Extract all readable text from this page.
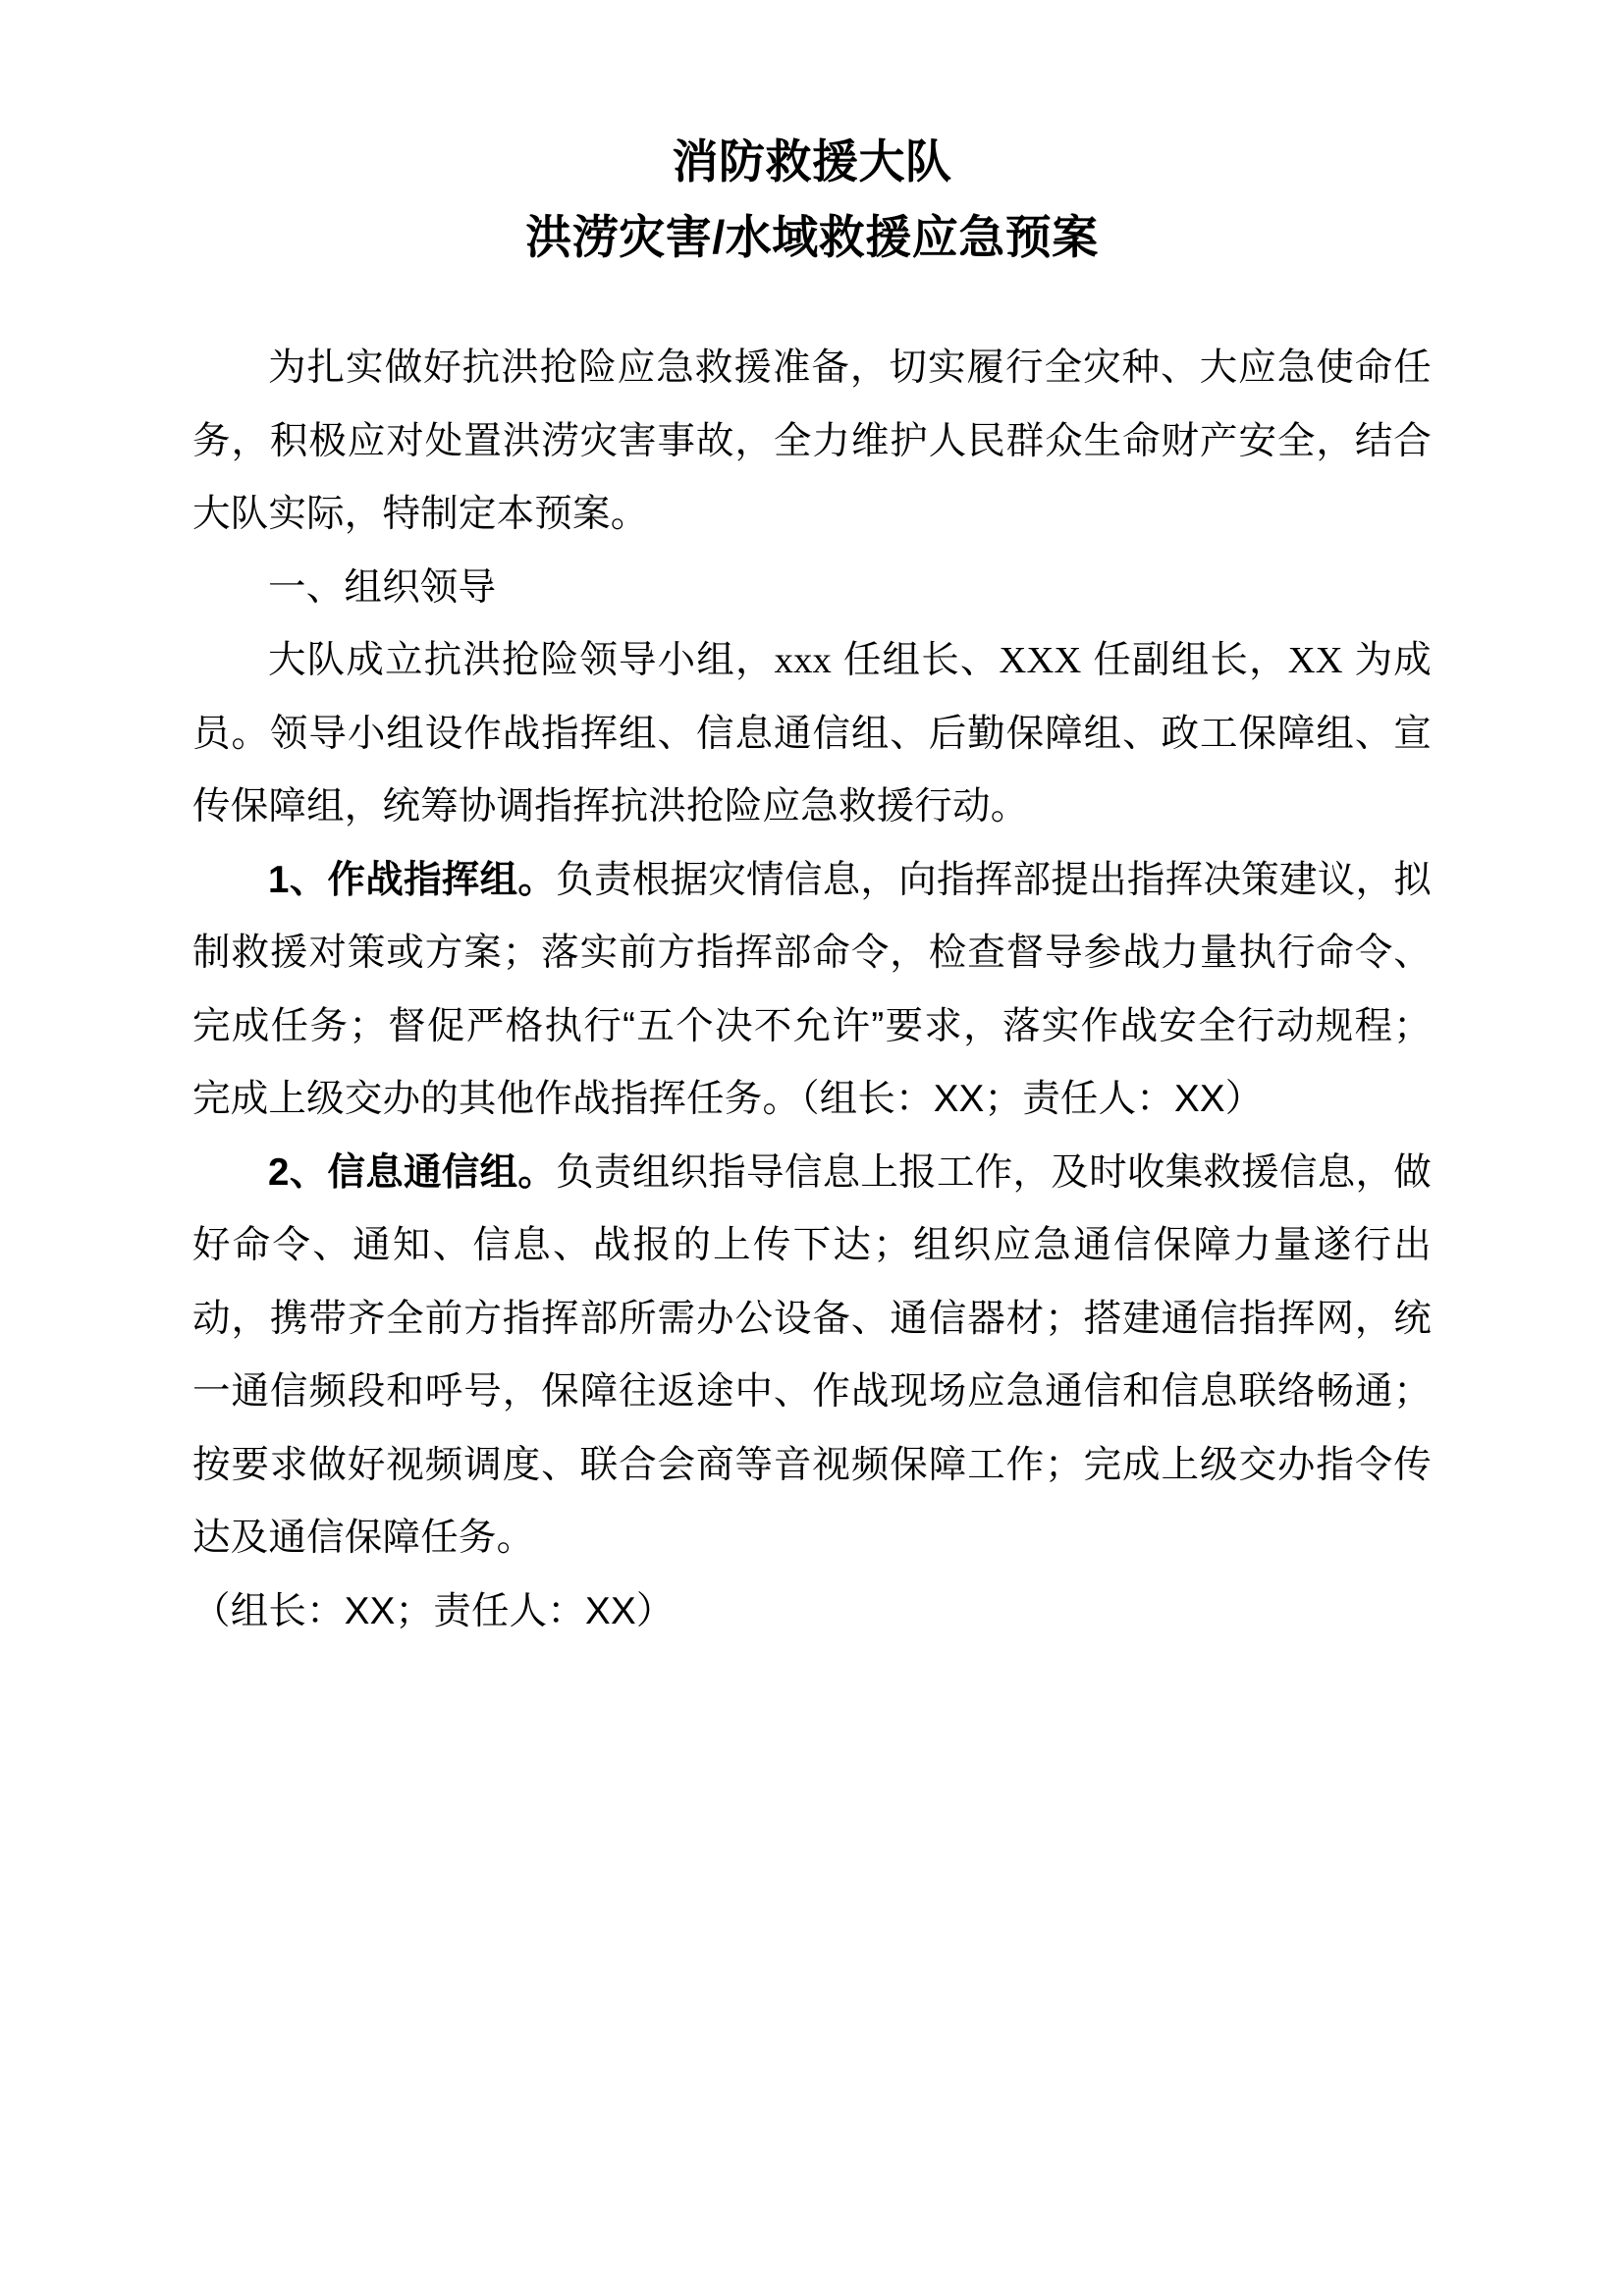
消防救援大队
洪涝灾害/水域救援应急预案

为扎实做好抗洪抢险应急救援准备，切实履行全灾种、大应急使命任务，积极应对处置洪涝灾害事故，全力维护人民群众生命财产安全，结合大队实际，特制定本预案。

一、组织领导

大队成立抗洪抢险领导小组，xxx 任组长、XXX 任副组长，XX 为成员。领导小组设作战指挥组、信息通信组、后勤保障组、政工保障组、宣传保障组，统筹协调指挥抗洪抢险应急救援行动。

1、作战指挥组。负责根据灾情信息，向指挥部提出指挥决策建议，拟制救援对策或方案；落实前方指挥部命令，检查督导参战力量执行命令、完成任务；督促严格执行“五个决不允许”要求，落实作战安全行动规程；完成上级交办的其他作战指挥任务。（组长：XX；责任人：XX）

2、信息通信组。负责组织指导信息上报工作，及时收集救援信息，做好命令、通知、信息、战报的上传下达；组织应急通信保障力量遂行出动，携带齐全前方指挥部所需办公设备、通信器材；搭建通信指挥网，统一通信频段和呼号，保障往返途中、作战现场应急通信和信息联络畅通；按要求做好视频调度、联合会商等音视频保障工作；完成上级交办指令传达及通信保障任务。

（组长：XX；责任人：XX）
